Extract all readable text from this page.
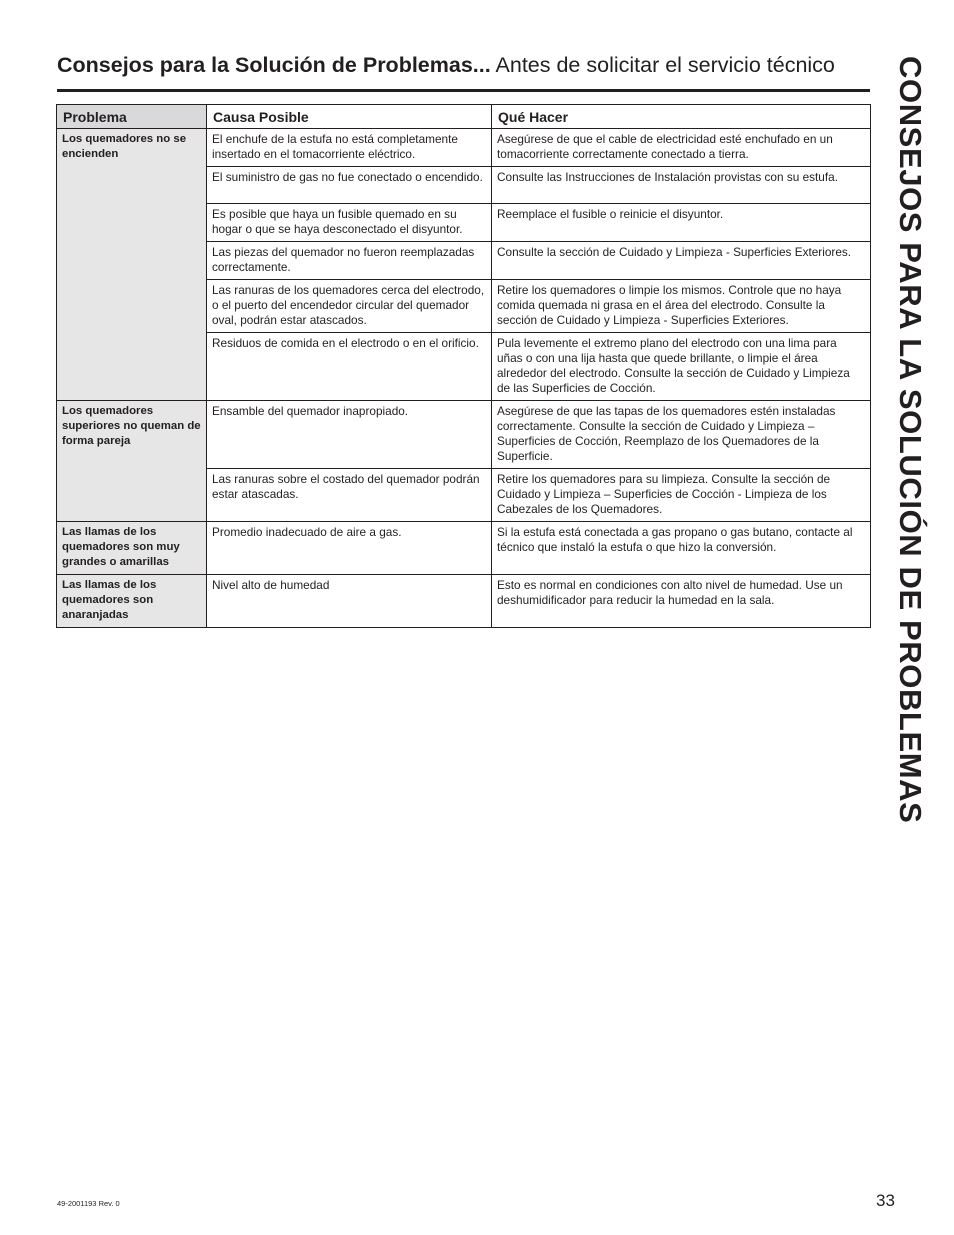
Consejos para la Solución de Problemas... Antes de solicitar el servicio técnico	CONSEJOS PARA LA SOLUCIÓN DE PROBLEMAS
Problema	Causa Posible	Qué Hacer
Los quemadores no se encienden	El enchufe de la estufa no está completamente insertado en el tomacorriente eléctrico.	Asegúrese de que el cable de electricidad esté enchufado en un tomacorriente correctamente conectado a tierra.
	El suministro de gas no fue conectado o encendido.	Consulte las Instrucciones de Instalación provistas con su estufa.
	Es posible que haya un fusible quemado en su hogar o que se haya desconectado el disyuntor.	Reemplace el fusible o reinicie el disyuntor.
	Las piezas del quemador no fueron reemplazadas correctamente.	Consulte la sección de Cuidado y Limpieza - Superficies Exteriores.
	Las ranuras de los quemadores cerca del electrodo, o el puerto del encendedor circular del quemador oval, podrán estar atascados.	Retire los quemadores o limpie los mismos. Controle que no haya comida quemada ni grasa en el área del electrodo. Consulte la sección de Cuidado y Limpieza - Superficies Exteriores.
	Residuos de comida en el electrodo o en el orificio.	Pula levemente el extremo plano del electrodo con una lima para uñas o con una lija hasta que quede brillante, o limpie el área alrededor del electrodo. Consulte la sección de Cuidado y Limpieza de las Superficies de Cocción.
Los quemadores superiores no queman de forma pareja	Ensamble del quemador inapropiado.	Asegúrese de que las tapas de los quemadores estén instaladas correctamente. Consulte la sección de Cuidado y Limpieza – Superficies de Cocción, Reemplazo de los Quemadores de la Superficie.
	Las ranuras sobre el costado del quemador podrán estar atascadas.	Retire los quemadores para su limpieza. Consulte la sección de Cuidado y Limpieza – Superficies de Cocción - Limpieza de los Cabezales de los Quemadores.
Las llamas de los quemadores son muy grandes o amarillas	Promedio inadecuado de aire a gas.	Si la estufa está conectada a gas propano o gas butano, contacte al técnico que instaló la estufa o que hizo la conversión.
Las llamas de los quemadores son anaranjadas	Nivel alto de humedad	Esto es normal en condiciones con alto nivel de humedad. Use un deshumidificador para reducir la humedad en la sala.
49-2001193 Rev. 0	33
